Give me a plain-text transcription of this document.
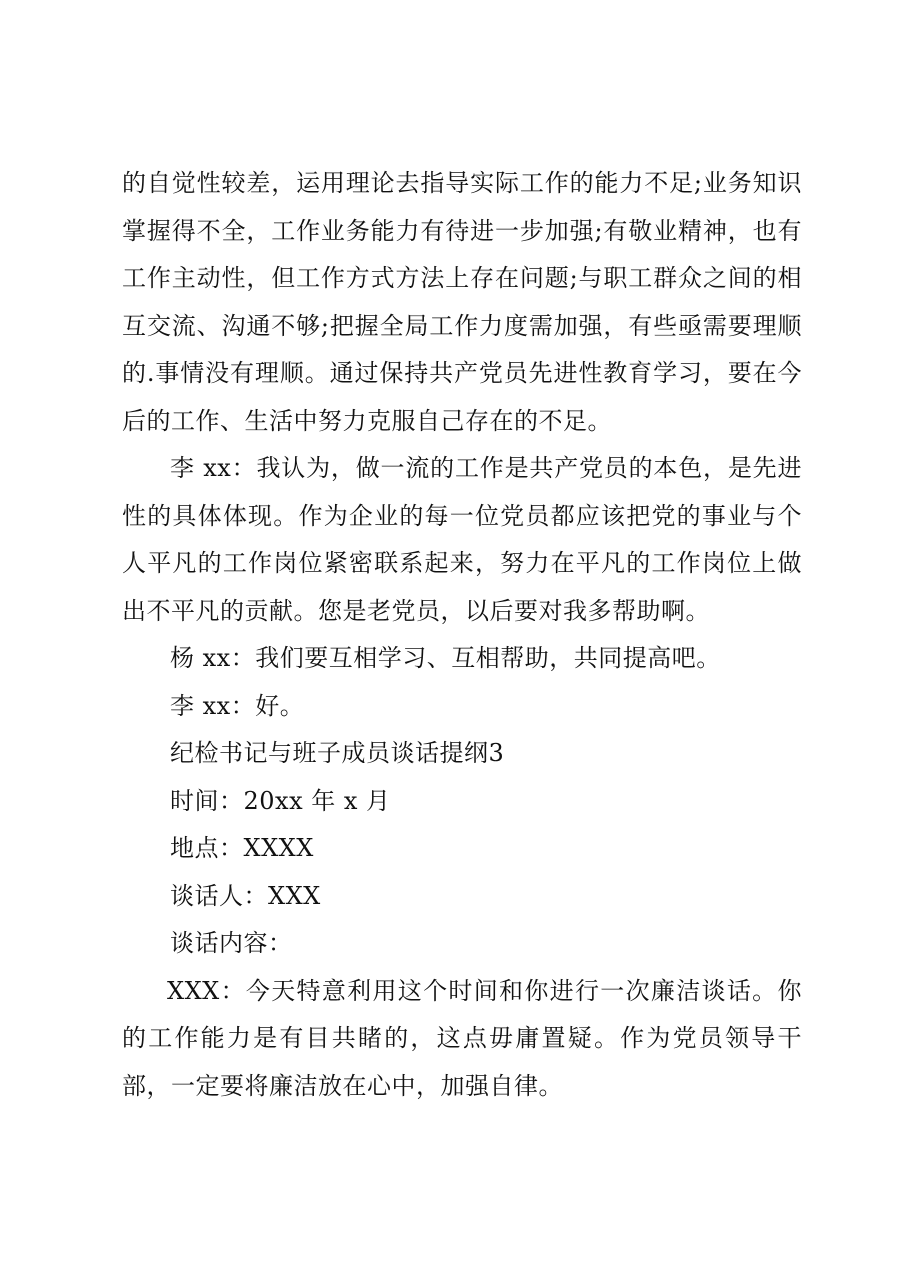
的自觉性较差，运用理论去指导实际工作的能力不足;业务知识掌握得不全，工作业务能力有待进一步加强;有敬业精神，也有工作主动性，但工作方式方法上存在问题;与职工群众之间的相互交流、沟通不够;把握全局工作力度需加强，有些亟需要理顺的.事情没有理顺。通过保持共产党员先进性教育学习，要在今后的工作、生活中努力克服自己存在的不足。

李 xx：我认为，做一流的工作是共产党员的本色，是先进性的具体体现。作为企业的每一位党员都应该把党的事业与个人平凡的工作岗位紧密联系起来，努力在平凡的工作岗位上做出不平凡的贡献。您是老党员，以后要对我多帮助啊。

杨 xx：我们要互相学习、互相帮助，共同提高吧。

李 xx：好。

纪检书记与班子成员谈话提纲3

时间：20xx 年 x 月

地点：XXXX

谈话人：XXX

谈话内容：

XXX：今天特意利用这个时间和你进行一次廉洁谈话。你的工作能力是有目共睹的，这点毋庸置疑。作为党员领导干部，一定要将廉洁放在心中，加强自律。
